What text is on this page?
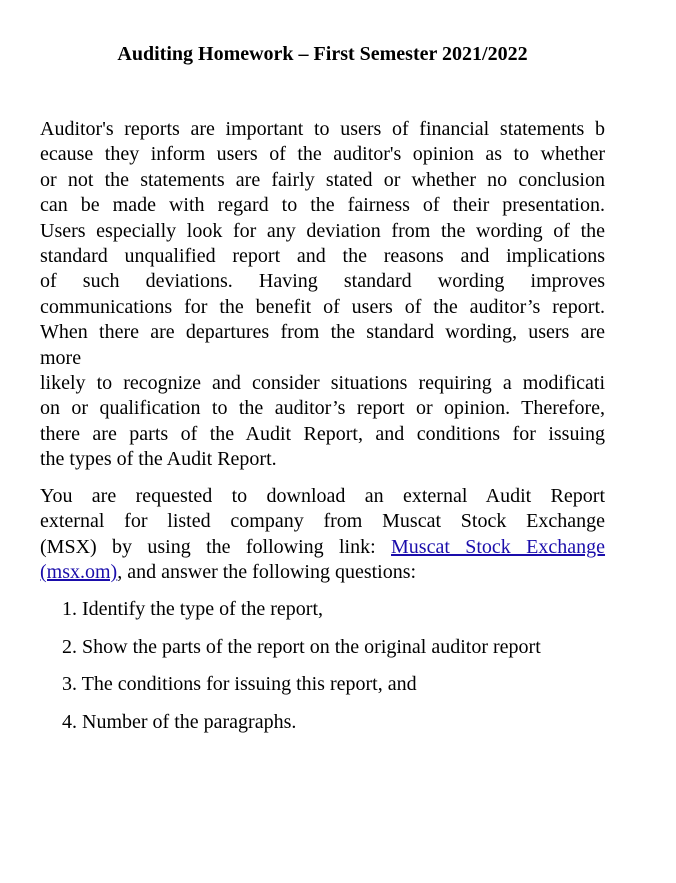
Auditing Homework – First Semester 2021/2022
Auditor's reports are important to users of financial statements b
ecause they inform users of the auditor's opinion as to whether
or not the statements are fairly stated or whether no conclusion
can be made with regard to the fairness of their presentation.
Users especially look for any deviation from the wording of the
standard unqualified report and the reasons and implications
of such deviations. Having standard wording improves
communications for the benefit of users of the auditor’s report.
When there are departures from the standard wording, users are
more
likely to recognize and consider situations requiring a modificati
on or qualification to the auditor’s report or opinion. Therefore,
there are parts of the Audit Report, and conditions for issuing
the types of the Audit Report.
You are requested to download an external Audit Report
external for listed company from Muscat Stock Exchange
(MSX) by using the following link: Muscat Stock Exchange
(msx.om), and answer the following questions:
1. Identify the type of the report,
2. Show the parts of the report on the original auditor report
3. The conditions for issuing this report, and
4. Number of the paragraphs.
